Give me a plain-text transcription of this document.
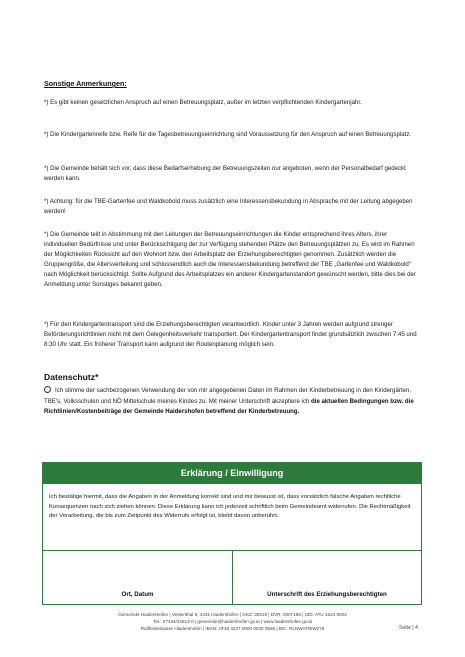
Sonstige Anmerkungen:
*) Es gibt keinen gesetzlichen Anspruch auf einen Betreuungsplatz, außer im letzten verpflichtenden Kindergartenjahr.
*) Die Kindergartenreife bzw. Reife für die Tagesbetreuungseinrichtung sind Voraussetzung für den Anspruch auf einen Betreuungsplatz.
*) Die Gemeinde behält sich vor, dass diese Bedarfserhebung der Betreuungszeiten nur angeboten, wenn der Personalbedarf gedeckt werden kann.
*) Achtung: für die TBE-Gartenfee und Waldkobold muss zusätzlich eine Interessensbekundung in Absprache mit der Leitung abgegeben werden!
*) Die Gemeinde teilt in Abstimmung mit den Leitungen der Betreuungseinrichtungen die Kinder entsprechend ihres Alters, ihrer individuellen Bedürfnisse und unter Berücksichtigung der zur Verfügung stehenden Plätze den Betreuungsplätzen zu. Es wird im Rahmen der Möglichkeiten Rücksicht auf den Wohnort bzw. den Arbeitsplatz der Erziehungsberechtigten genommen. Zusätzlich werden die Gruppengröße, die Altersverteilung und schlussendlich auch die Interessensbekundung betreffend der TBE „Gartenfee und Waldkobold“ nach Möglichkeit berücksichtigt. Sollte Aufgrund des Arbeitsplatzes ein anderer Kindergartenstandort gewünscht werden, bitte dies bei der Anmeldung unter Sonstiges bekannt geben.
*) Für den Kindergartentransport sind die Erziehungsberechtigten verantwortlich. Kinder unter 3 Jahren werden aufgrund strenger Beförderungsrichtlinien nicht mit dem Gelegenheitsverkehr transportiert. Der Kindergartentransport findet grundsätzlich zwischen 7:45 und 8:30 Uhr statt. Ein früherer Transport kann aufgrund der Routenplanung möglich sein.
Datenschutz*
Ich stimme der sachbezogenen Verwendung der von mir angegebenen Daten im Rahmen der Kinderbetreuung in den Kindergärten, TBE's, Volksschulen und NÖ Mittelschule meines Kindes zu. Mit meiner Unterschrift akzeptiere ich die aktuellen Bedingungen bzw. die Richtlinien/Kostenbeiträge der Gemeinde Haidershofen betreffend der Kinderbetreuung.
Erklärung / Einwilligung
Ich bestätige hiermit, dass die Angaben in der Anmeldung korrekt sind und mir bewusst ist, dass vorsätzlich falsche Angaben rechtliche Konsequenzen nach sich ziehen können. Diese Erklärung kann ich jederzeit schriftlich beim Gemeindeamt widerrufen. Die Rechtmäßigkeit der Verarbeitung, die bis zum Zeitpunkt des Widerrufs erfolgt ist, bleibt davon unberührt.
Ort, Datum	Unterschrift des Erziehungsberechtigten
Gemeinde Haidershofen | Vestenthal 8, 4431 Haidershofen | GKZ: 30515 | DVR: 0007188 | UID: ATU 1624 9003
Tel.: 07434/42813-0 | gemeinde@haidershofen.gv.at | www.haidershofen.gv.at
Raiffeisenkasse Haidershofen | IBAN: AT48 3227 0000 0030 0566 | BIC: RLNWATWW278	Seite | 4
